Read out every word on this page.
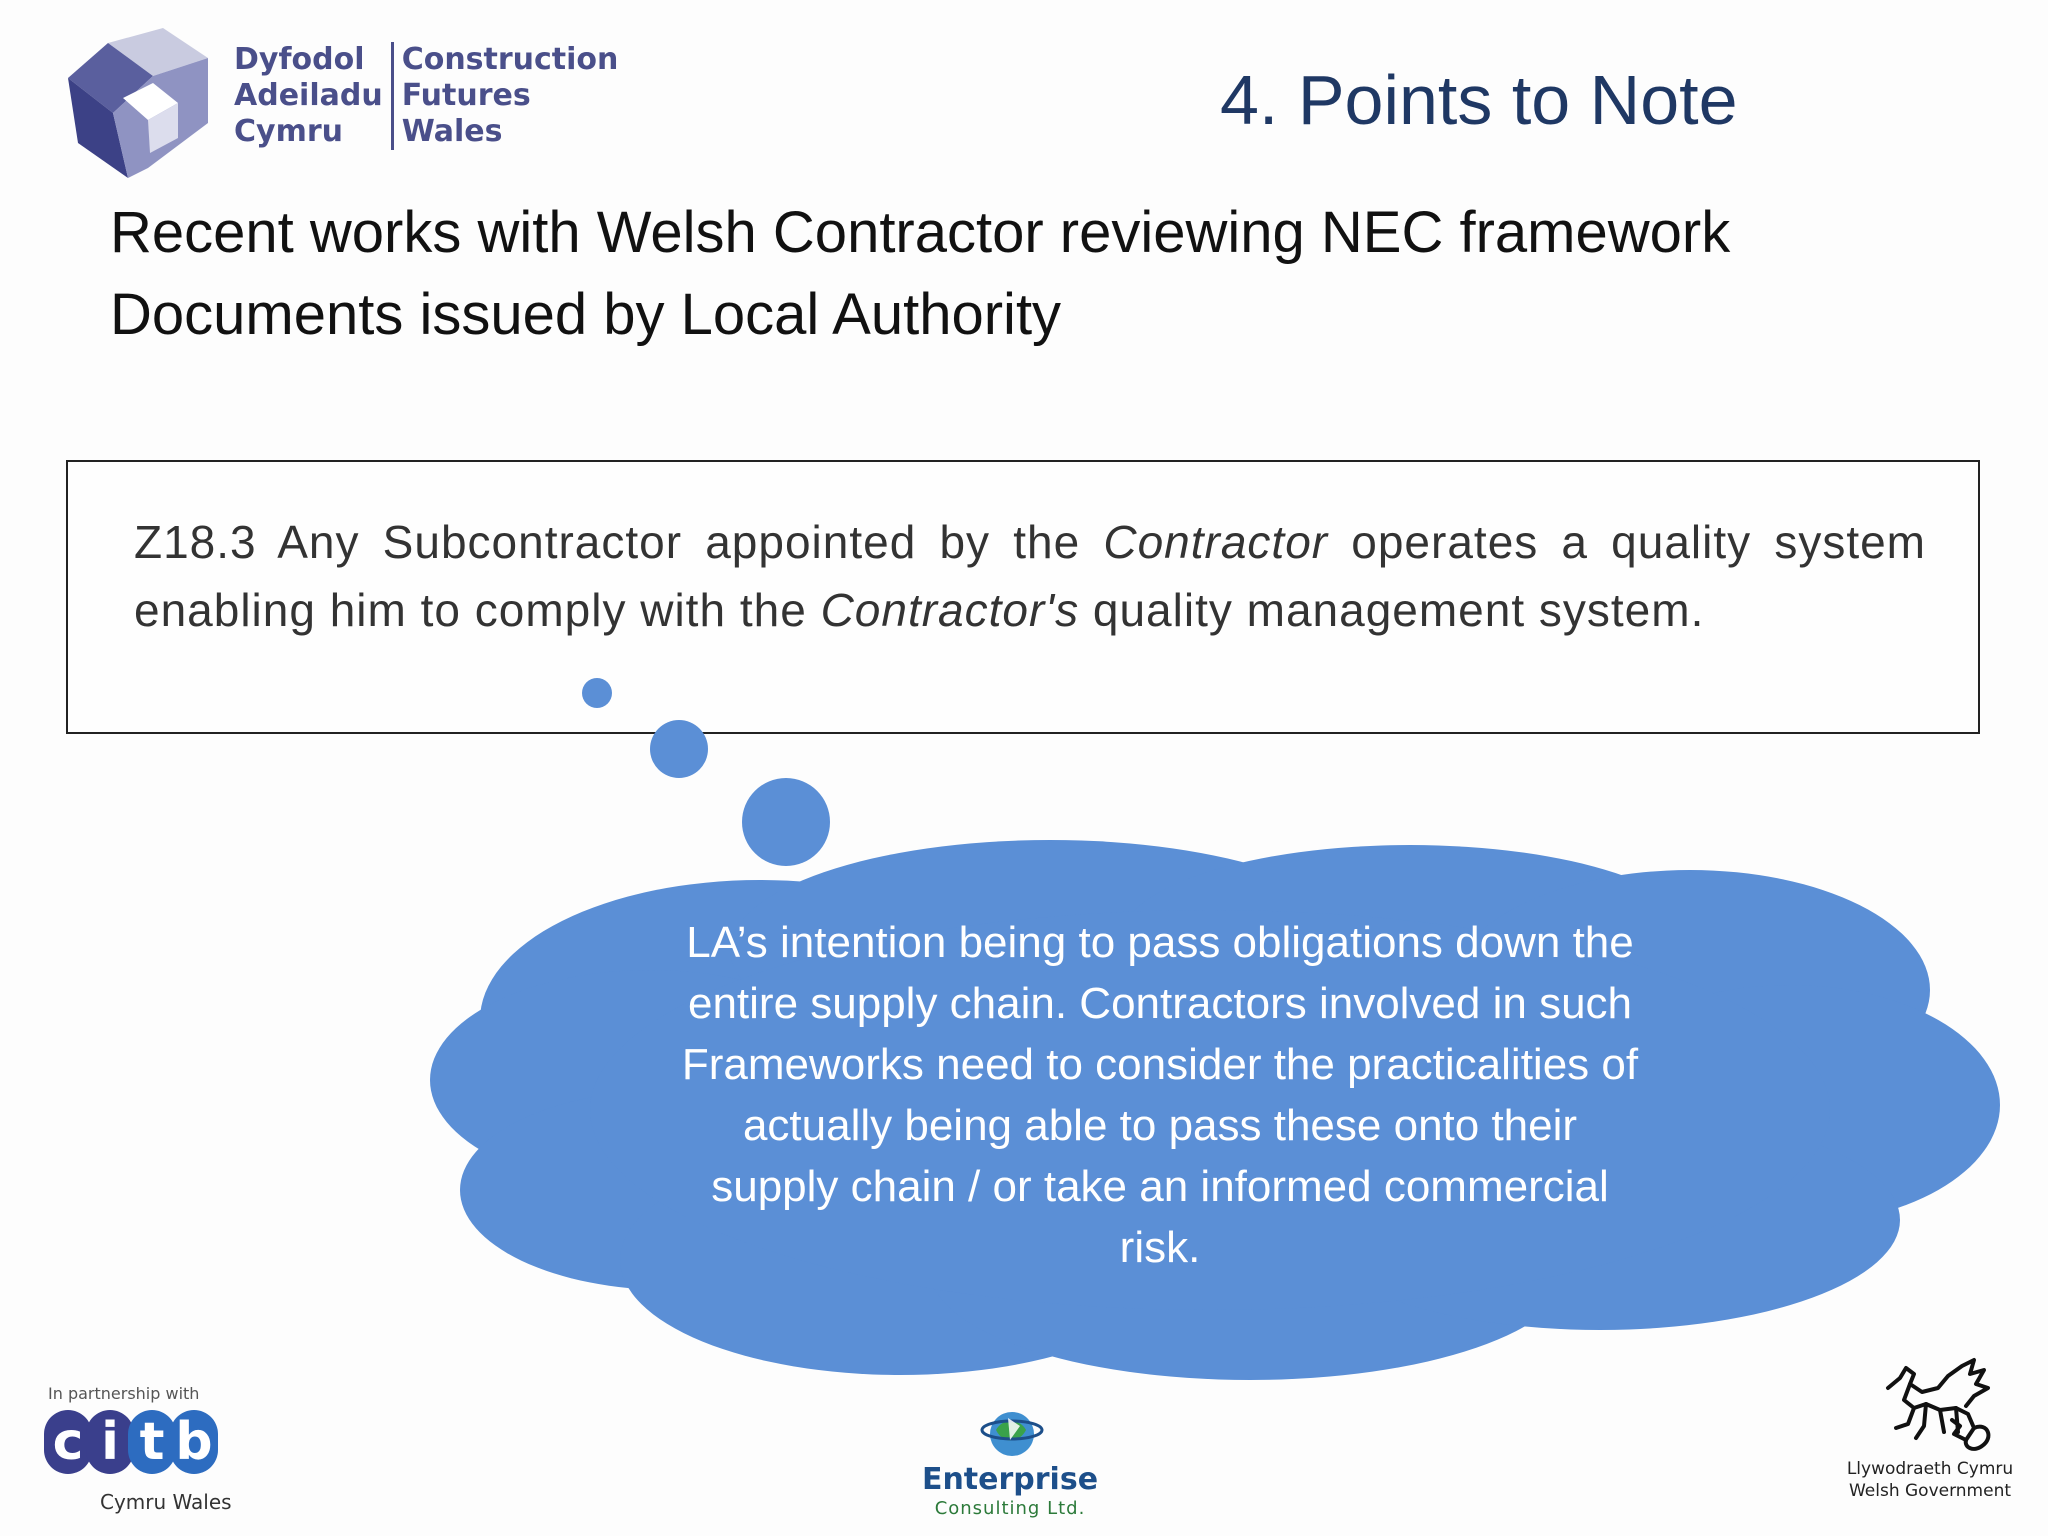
Dyfodol
Adeiladu
Cymru
Construction
Futures
Wales	4. Points to Note
Recent works with Welsh Contractor reviewing NEC framework
Documents issued by Local Authority
Z18.3 Any Subcontractor appointed by the Contractor operates a quality system enabling him to comply with the Contractor's quality management system.
LA’s intention being to pass obligations down the entire supply chain. Contractors involved in such Frameworks need to consider the practicalities of actually being able to pass these onto their supply chain / or take an informed commercial risk.
In partnership with
c i t b
Cymru Wales
Enterprise
Consulting Ltd.
Llywodraeth Cymru
Welsh Government
